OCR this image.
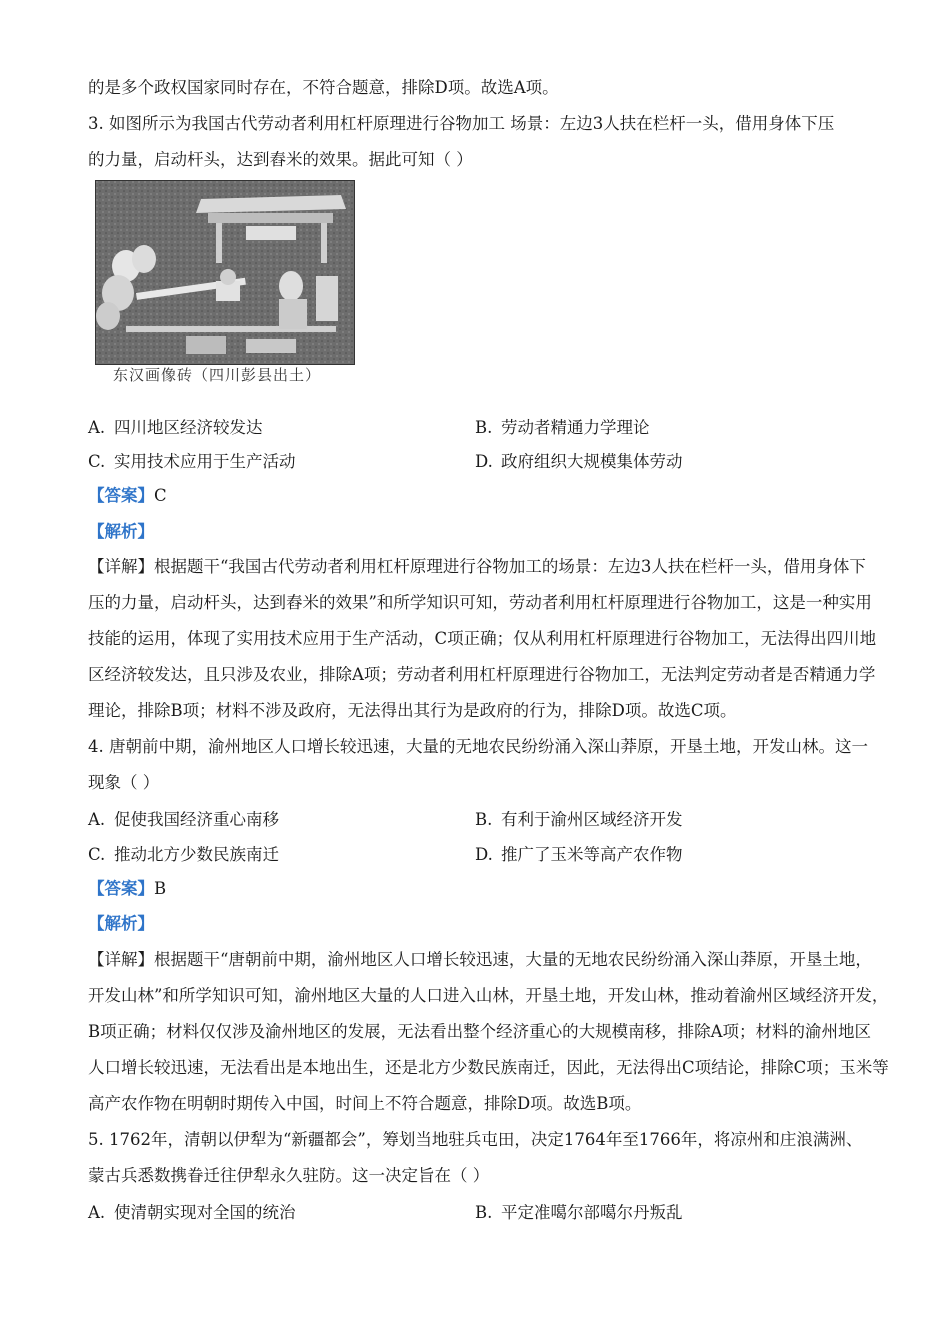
的是多个政权国家同时存在，不符合题意，排除D项。故选A项。
3. 如图所示为我国古代劳动者利用杠杆原理进行谷物加工 场景：左边3人扶在栏杆一头，借用身体下压
的力量，启动杆头，达到舂米的效果。据此可知（ ）
东汉画像砖（四川彭县出土）
A. 四川地区经济较发达	B. 劳动者精通力学理论
C. 实用技术应用于生产活动	D. 政府组织大规模集体劳动
【答案】C
【解析】
【详解】根据题干“我国古代劳动者利用杠杆原理进行谷物加工的场景：左边3人扶在栏杆一头，借用身体下
压的力量，启动杆头，达到舂米的效果”和所学知识可知，劳动者利用杠杆原理进行谷物加工，这是一种实用
技能的运用，体现了实用技术应用于生产活动，C项正确；仅从利用杠杆原理进行谷物加工，无法得出四川地
区经济较发达，且只涉及农业，排除A项；劳动者利用杠杆原理进行谷物加工，无法判定劳动者是否精通力学
理论，排除B项；材料不涉及政府，无法得出其行为是政府的行为，排除D项。故选C项。
4. 唐朝前中期，渝州地区人口增长较迅速，大量的无地农民纷纷涌入深山莽原，开垦土地，开发山林。这一
现象（ ）
A. 促使我国经济重心南移	B. 有利于渝州区域经济开发
C. 推动北方少数民族南迁	D. 推广了玉米等高产农作物
【答案】B
【解析】
【详解】根据题干“唐朝前中期，渝州地区人口增长较迅速，大量的无地农民纷纷涌入深山莽原，开垦土地，
开发山林”和所学知识可知，渝州地区大量的人口进入山林，开垦土地，开发山林，推动着渝州区域经济开发，
B项正确；材料仅仅涉及渝州地区的发展，无法看出整个经济重心的大规模南移，排除A项；材料的渝州地区
人口增长较迅速，无法看出是本地出生，还是北方少数民族南迁，因此，无法得出C项结论，排除C项；玉米等
高产农作物在明朝时期传入中国，时间上不符合题意，排除D项。故选B项。
5. 1762年，清朝以伊犁为“新疆都会”，筹划当地驻兵屯田，决定1764年至1766年，将凉州和庄浪满洲、
蒙古兵悉数携眷迁往伊犁永久驻防。这一决定旨在（ ）
A. 使清朝实现对全国的统治	B. 平定准噶尔部噶尔丹叛乱
